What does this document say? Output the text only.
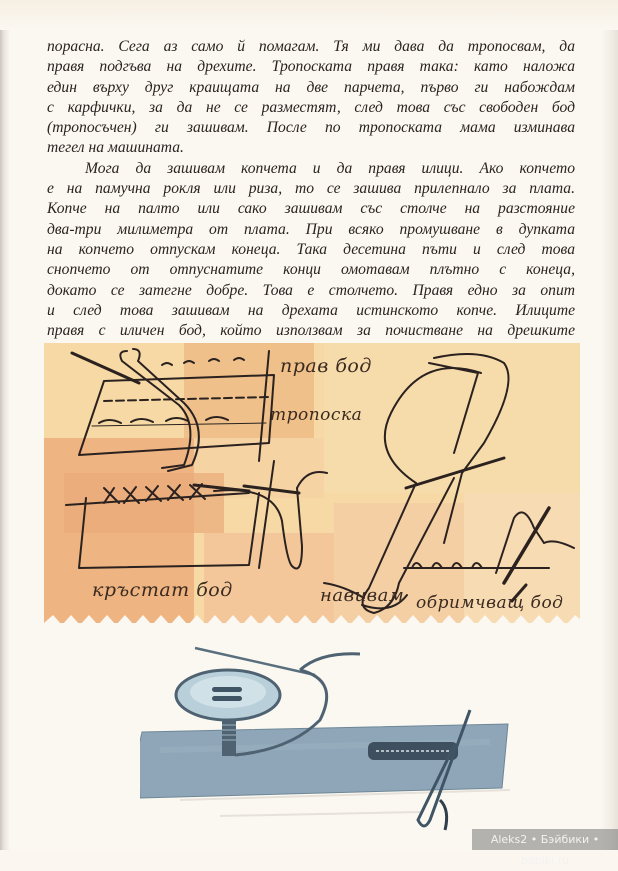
порасна. Сега аз само й помагам. Тя ми дава да тропосвам, да
правя подгъва на дрехите. Тропоската правя така: като наложа
един върху друг краищата на две парчета, първо ги набождам
с карфички, за да не се разместят, след това със свободен бод
(тропосъчен) ги зашивам. После по тропоската мама изминава
тегел на машината.

Мога да зашивам копчета и да правя илици. Ако копчето
е на памучна рокля или риза, то се зашива прилепнало за плата.
Копче на палто или сако зашивам със столче на разстояние
два-три милиметра от плата. При всяко промушване в дупката
на копчето отпускам конеца. Така десетина пъти и след това
снопчето от отпуснатите конци омотавам плътно с конеца,
докато се затегне добре. Това е столчето. Правя едно за опит
и след това зашивам на дрехата истинското копче. Илиците
правя с иличен бод, който използвам за почистване на дрешките

прав бод
тропоска
кръстат бод	навивам обримчващ бод
Aleks2 • Бэйбики • babiki.ru
